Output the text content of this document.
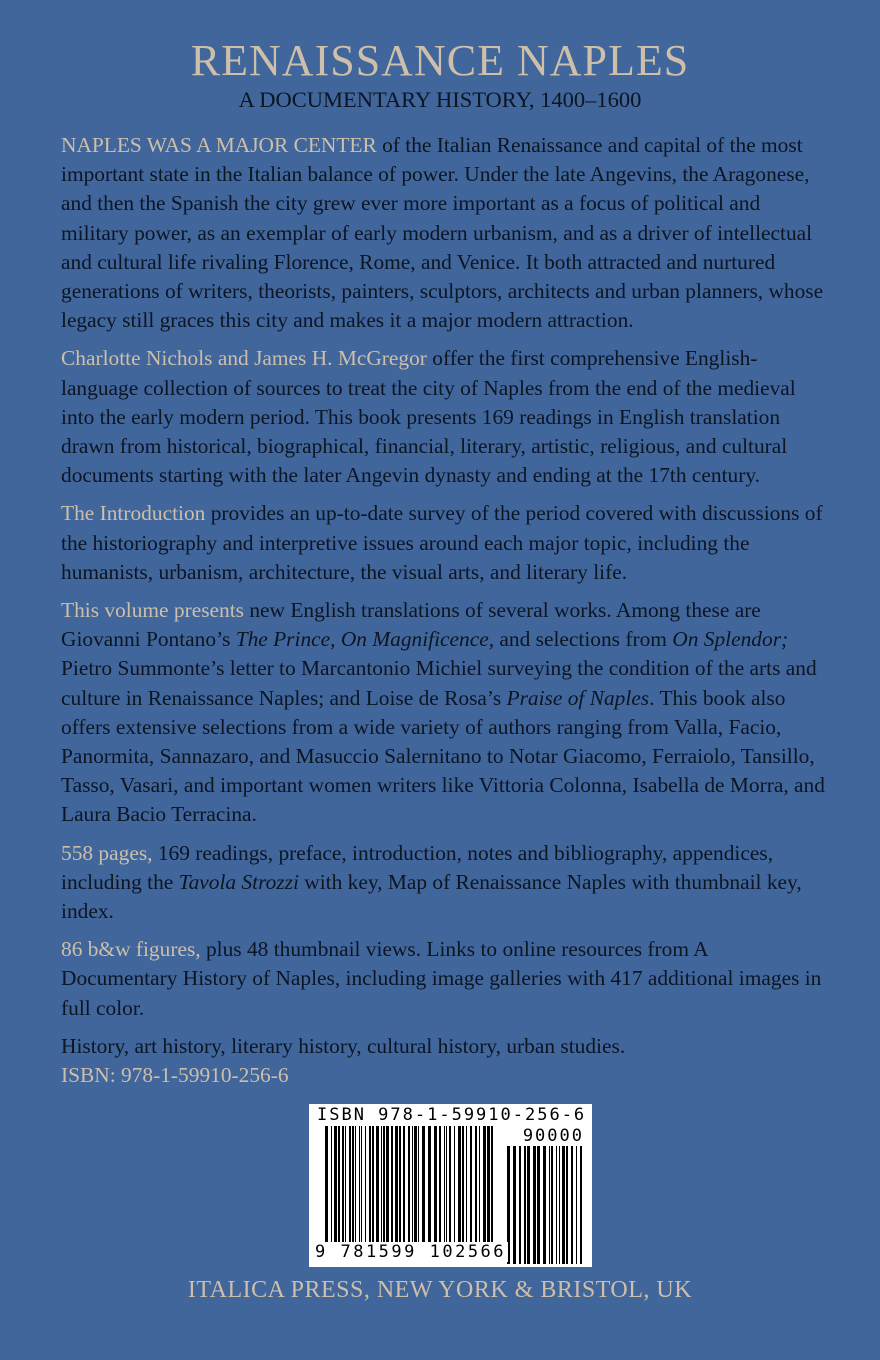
RENAISSANCE NAPLES
A DOCUMENTARY HISTORY, 1400–1600

NAPLES WAS A MAJOR CENTER of the Italian Renaissance and capital of the most important state in the Italian balance of power. Under the late Angevins, the Aragonese, and then the Spanish the city grew ever more important as a focus of political and military power, as an exemplar of early modern urbanism, and as a driver of intellectual and cultural life rivaling Florence, Rome, and Venice. It both attracted and nurtured generations of writers, theorists, painters, sculptors, architects and urban planners, whose legacy still graces this city and makes it a major modern attraction.

Charlotte Nichols and James H. McGregor offer the first comprehensive English-language collection of sources to treat the city of Naples from the end of the medieval into the early modern period. This book presents 169 readings in English translation drawn from historical, biographical, financial, literary, artistic, religious, and cultural documents starting with the later Angevin dynasty and ending at the 17th century.

The Introduction provides an up-to-date survey of the period covered with discussions of the historiography and interpretive issues around each major topic, including the humanists, urbanism, architecture, the visual arts, and literary life.

This volume presents new English translations of several works. Among these are Giovanni Pontano’s The Prince, On Magnificence, and selections from On Splendor; Pietro Summonte’s letter to Marcantonio Michiel surveying the condition of the arts and culture in Renaissance Naples; and Loise de Rosa’s Praise of Naples. This book also offers extensive selections from a wide variety of authors ranging from Valla, Facio, Panormita, Sannazaro, and Masuccio Salernitano to Notar Giacomo, Ferraiolo, Tansillo, Tasso, Vasari, and important women writers like Vittoria Colonna, Isabella de Morra, and Laura Bacio Terracina.

558 pages, 169 readings, preface, introduction, notes and bibliography, appendices, including the Tavola Strozzi with key, Map of Renaissance Naples with thumbnail key, index.

86 b&w figures, plus 48 thumbnail views. Links to online resources from A Documentary History of Naples, including image galleries with 417 additional images in full color.

History, art history, literary history, cultural history, urban studies.

ISBN: 978-1-59910-256-6

ISBN 978-1-59910-256-6
90000
9 781599 102566
ITALICA PRESS, NEW YORK & BRISTOL, UK
